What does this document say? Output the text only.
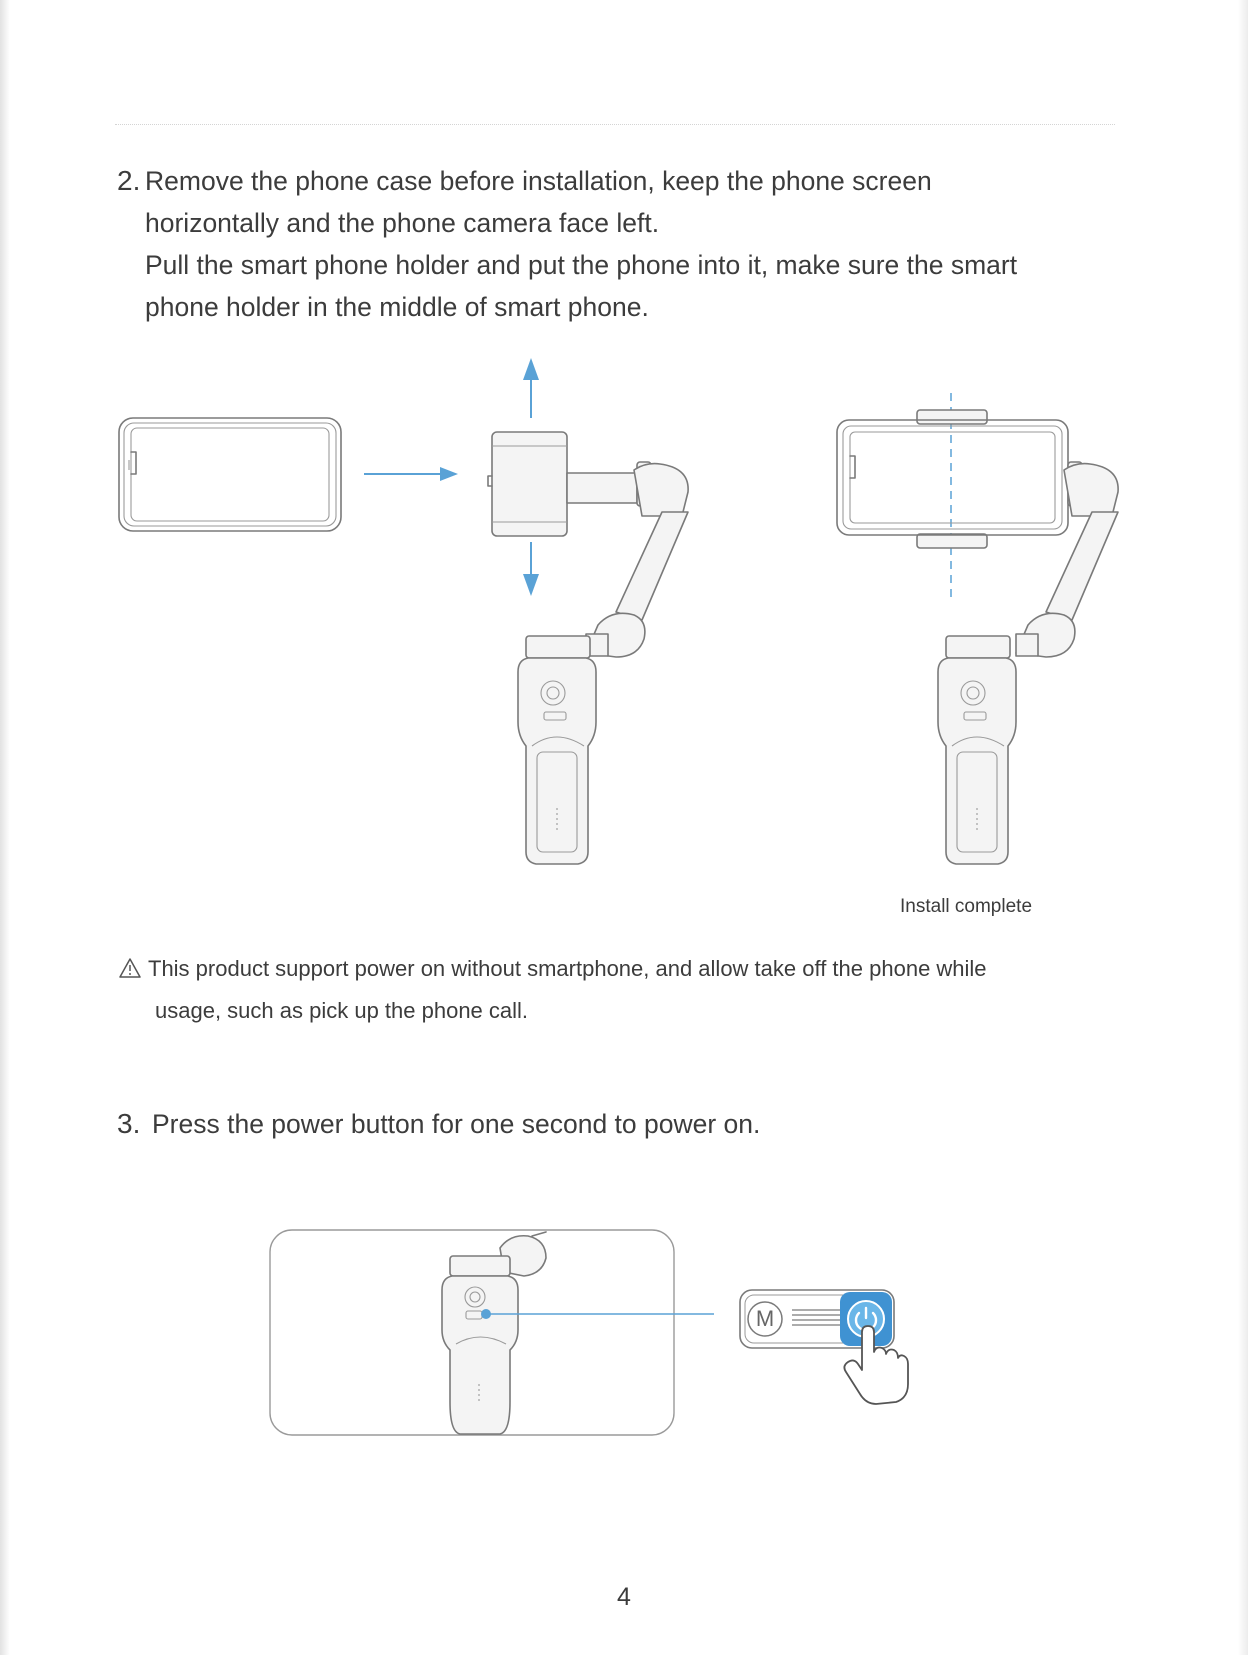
2. Remove the phone case before installation, keep the phone screen
horizontally and the phone camera face left.
Pull the smart phone holder and put the phone into it, make sure the smart
phone holder in the middle of smart phone.
Install complete
This product support power on without smartphone, and allow take off the phone while
usage, such as pick up the phone call.
3. Press the power button for one second to power on.
M
4
